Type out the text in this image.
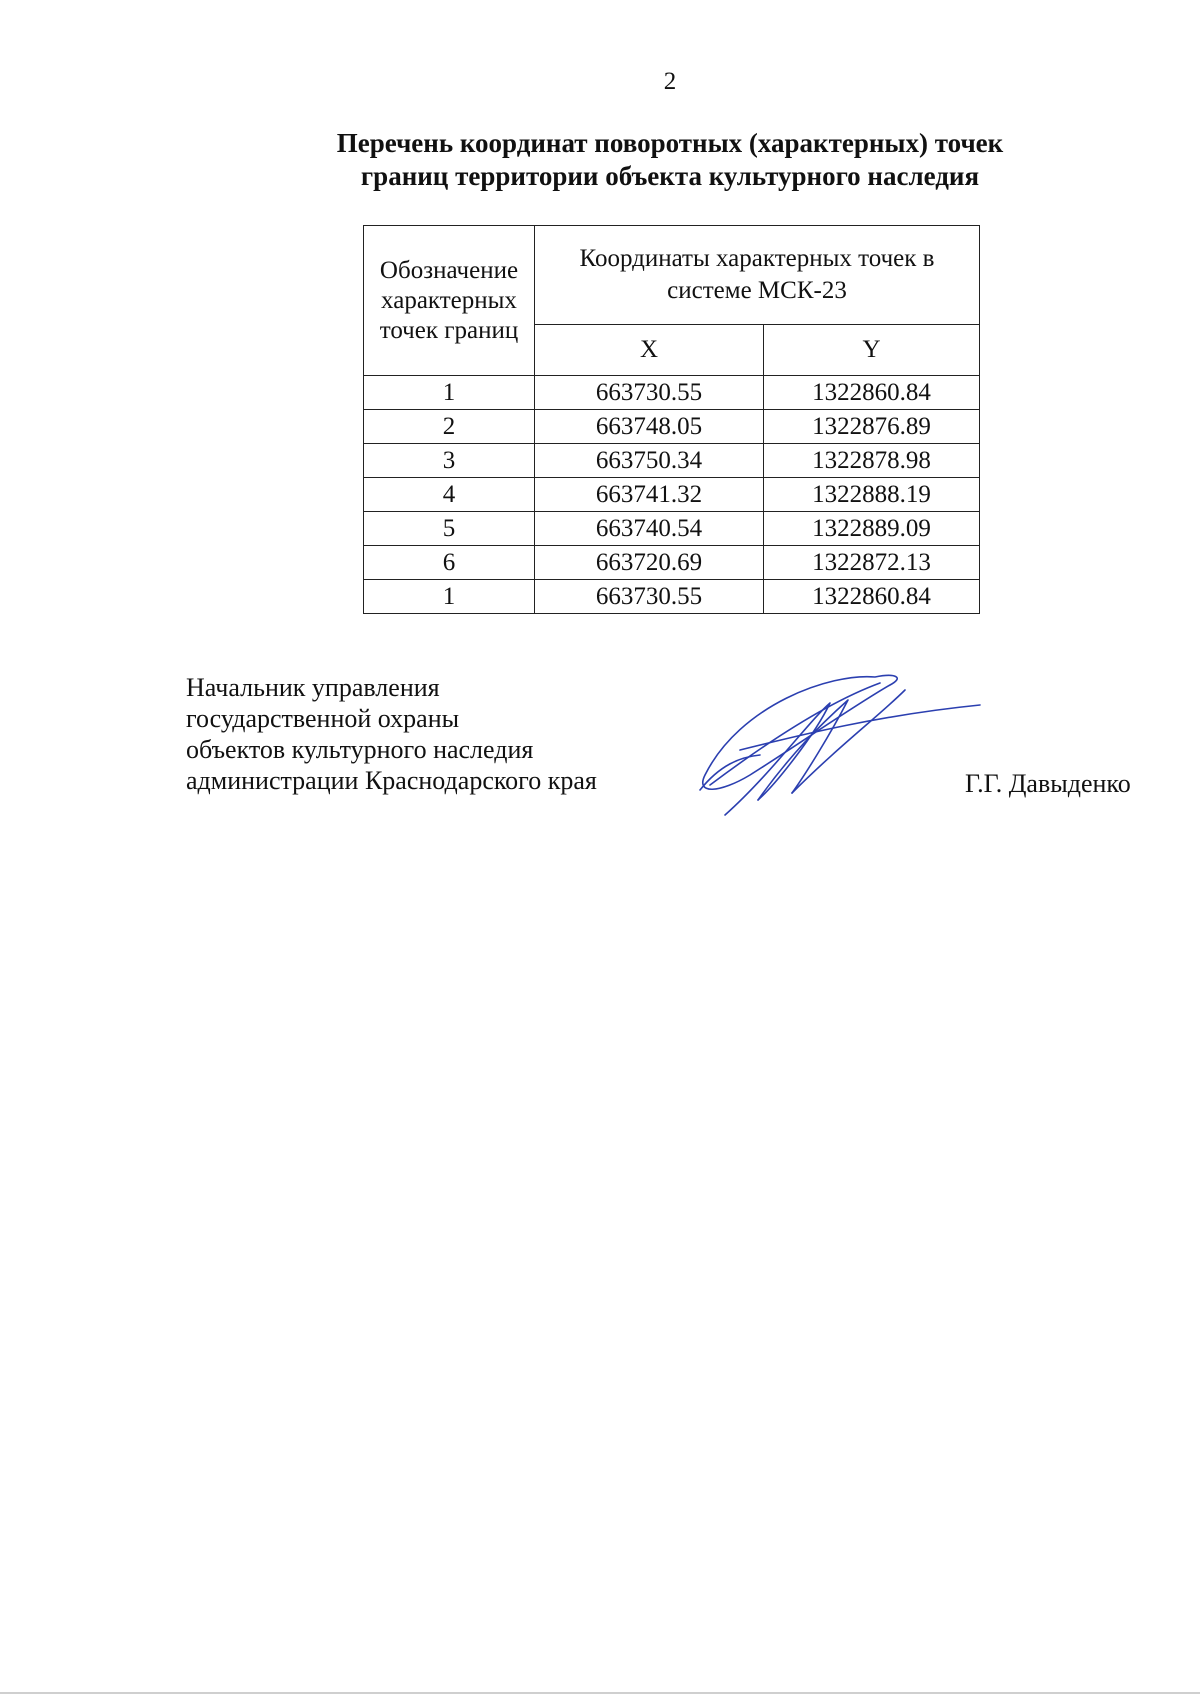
2
Перечень координат поворотных (характерных) точек
границ территории объекта культурного наследия
Обозначение
характерных
точек границ	Координаты характерных точек в
системе МСК-23	
	X	Y
1	663730.55	1322860.84
2	663748.05	1322876.89
3	663750.34	1322878.98
4	663741.32	1322888.19
5	663740.54	1322889.09
6	663720.69	1322872.13
1	663730.55	1322860.84
Начальник управления
государственной охраны
объектов культурного наследия
администрации Краснодарского края	Г.Г. Давыденко
